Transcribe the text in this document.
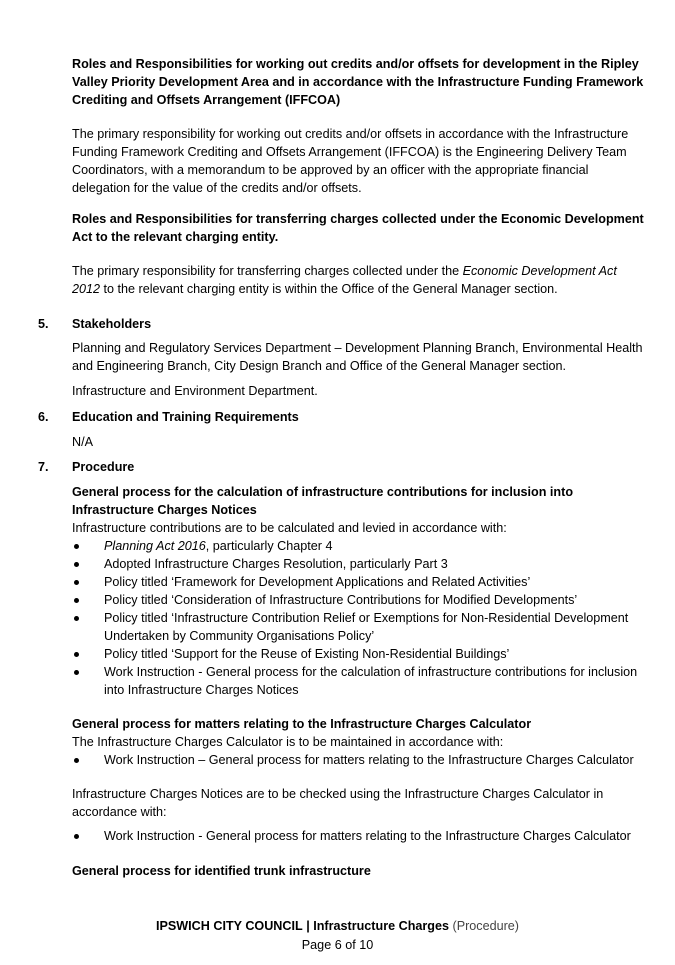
Roles and Responsibilities for working out credits and/or offsets for development in the Ripley Valley Priority Development Area and in accordance with the Infrastructure Funding Framework Crediting and Offsets Arrangement (IFFCOA)

The primary responsibility for working out credits and/or offsets in accordance with the Infrastructure Funding Framework Crediting and Offsets Arrangement (IFFCOA) is the Engineering Delivery Team Coordinators, with a memorandum to be approved by an officer with the appropriate financial delegation for the value of the credits and/or offsets.

Roles and Responsibilities for transferring charges collected under the Economic Development Act to the relevant charging entity.

The primary responsibility for transferring charges collected under the Economic Development Act 2012 to the relevant charging entity is within the Office of the General Manager section.

5. Stakeholders

Planning and Regulatory Services Department – Development Planning Branch, Environmental Health and Engineering Branch, City Design Branch and Office of the General Manager section.

Infrastructure and Environment Department.

6. Education and Training Requirements

N/A

7. Procedure

General process for the calculation of infrastructure contributions for inclusion into Infrastructure Charges Notices

Infrastructure contributions are to be calculated and levied in accordance with:

Planning Act 2016, particularly Chapter 4
Adopted Infrastructure Charges Resolution, particularly Part 3
Policy titled ‘Framework for Development Applications and Related Activities’
Policy titled ‘Consideration of Infrastructure Contributions for Modified Developments’
Policy titled ‘Infrastructure Contribution Relief or Exemptions for Non-Residential Development Undertaken by Community Organisations Policy’
Policy titled ‘Support for the Reuse of Existing Non-Residential Buildings’
Work Instruction - General process for the calculation of infrastructure contributions for inclusion into Infrastructure Charges Notices

General process for matters relating to the Infrastructure Charges Calculator

The Infrastructure Charges Calculator is to be maintained in accordance with:

Work Instruction – General process for matters relating to the Infrastructure Charges Calculator

Infrastructure Charges Notices are to be checked using the Infrastructure Charges Calculator in accordance with:

Work Instruction - General process for matters relating to the Infrastructure Charges Calculator

General process for identified trunk infrastructure

IPSWICH CITY COUNCIL | Infrastructure Charges (Procedure)
Page 6 of 10
